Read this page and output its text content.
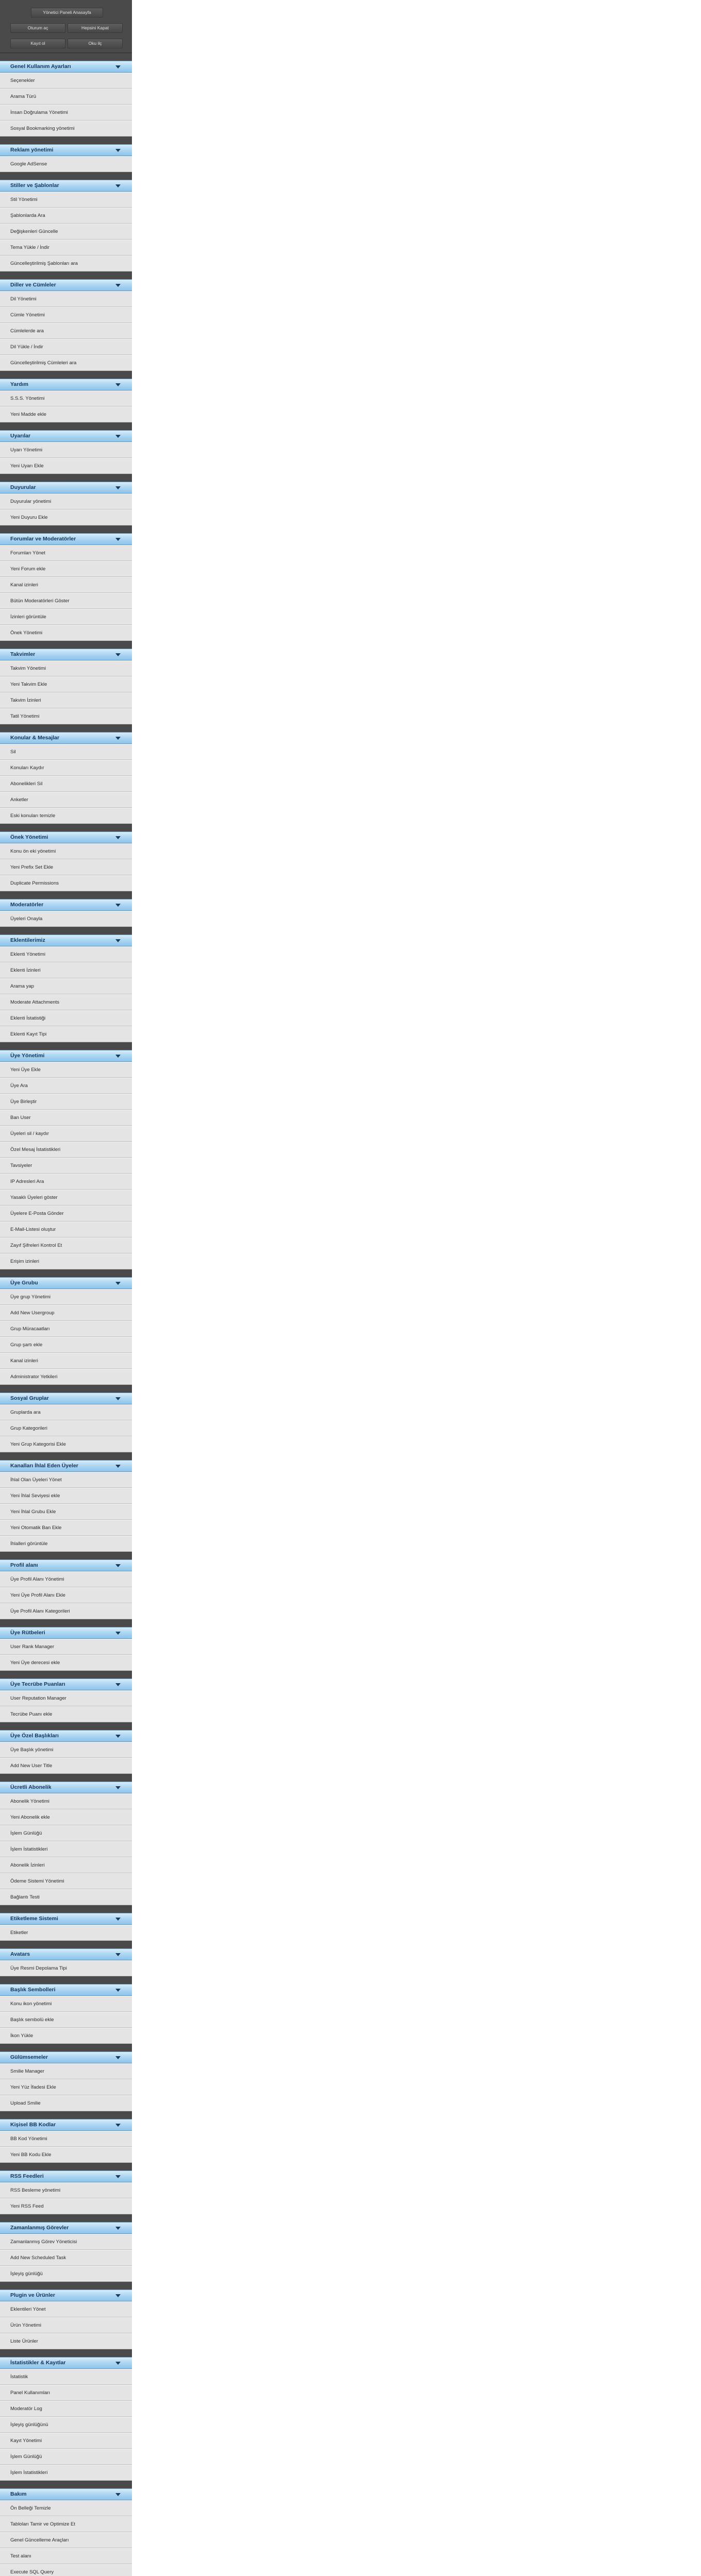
Yönetici Paneli Anasayfa
Oturum aç	Hepsini Kapat
Kayıt ol	Oku ilç
Genel Kullanım Ayarları
Seçenekler
Arama Türü
İnsan Doğrulama Yönetimi
Sosyal Bookmarking yönetimi
Reklam yönetimi
Google AdSense
Stiller ve Şablonlar
Stil Yönetimi
Şablonlarda Ara
Değişkenleri Güncelle
Tema Yükle / İndir
Güncelleştirilmiş Şablonları ara
Diller ve Cümleler
Dil Yönetimi
Cümle Yönetimi
Cümlelerde ara
Dil Yükle / İndir
Güncelleştirilmiş Cümleleri ara
Yardım
S.S.S. Yönetimi
Yeni Madde ekle
Uyarılar
Uyarı Yönetimi
Yeni Uyarı Ekle
Duyurular
Duyurular yönetimi
Yeni Duyuru Ekle
Forumlar ve Moderatörler
Forumları Yönet
Yeni Forum ekle
Kanal izinleri
Bütün Moderatörleri Göster
İzinleri görüntüle
Önek Yönetimi
Takvimler
Takvim Yönetimi
Yeni Takvim Ekle
Takvim İzinleri
Tatil Yönetimi
Konular & Mesajlar
Sil
Konuları Kaydır
Abonelikleri Sil
Anketler
Eski konuları temizle
Önek Yönetimi
Konu ön eki yönetimi
Yeni Prefix Set Ekle
Duplicate Permissions
Moderatörler
Üyeleri Onayla
Eklentilerimiz
Eklenti Yönetimi
Eklenti İzinleri
Arama yap
Moderate Attachments
Eklenti İstatistiği
Eklenti Kayıt Tipi
Üye Yönetimi
Yeni Üye Ekle
Üye Ara
Üye Birleştir
Ban User
Üyeleri sil / kaydır
Özel Mesaj İstatistikleri
Tavsiyeler
IP Adresleri Ara
Yasaklı Üyeleri göster
Üyelere E-Posta Gönder
E-Mail-Listesi oluştur
Zayıf Şifreleri Kontrol Et
Erişim izinleri
Üye Grubu
Üye grup Yönetimi
Add New Usergroup
Grup Müracaatları
Grup şartı ekle
Kanal izinleri
Administrator Yetkileri
Sosyal Gruplar
Gruplarda ara
Grup Kategorileri
Yeni Grup Kategorisi Ekle
Kanalları İhlal Eden Üyeler
İhlal Olan Üyeleri Yönet
Yeni İhlal Seviyesi ekle
Yeni İhlal Grubu Ekle
Yeni Otomatik Ban Ekle
İhlalleri görüntüle
Profil alanı
Üye Profil Alanı Yönetimi
Yeni Üye Profil Alanı Ekle
Üye Profil Alanı Kategorileri
Üye Rütbeleri
User Rank Manager
Yeni Üye derecesi ekle
Üye Tecrübe Puanları
User Reputation Manager
Tecrübe Puanı ekle
Üye Özel Başlıkları
Üye Başlık yönetimi
Add New User Title
Ücretli Abonelik
Abonelik Yönetimi
Yeni Abonelik ekle
İşlem Günlüğü
İşlem İstatistikleri
Abonelik İzinleri
Ödeme Sistemi Yönetimi
Bağlantı Testi
Etiketleme Sistemi
Etiketler
Avatars
Üye Resmi Depolama Tipi
Başlık Sembolleri
Konu ikon yönetimi
Başlık sembolü ekle
İkon Yükle
Gülümsemeler
Smilie Manager
Yeni Yüz İfadesi Ekle
Upload Smilie
Kişisel BB Kodlar
BB Kod Yönetimi
Yeni BB Kodu Ekle
RSS Feedleri
RSS Besleme yönetimi
Yeni RSS Feed
Zamanlanmış Görevler
Zamanlanmış Görev Yöneticisi
Add New Scheduled Task
İşleyiş günlüğü
Plugin ve Ürünler
Eklentileri Yönet
Ürün Yönetimi
Liste Ürünler
İstatistikler & Kayıtlar
İstatistik
Panel Kullanımları
Moderatör Log
İşleyiş günlüğünü
Kayıt Yönetimi
İşlem Günlüğü
İşlem İstatistikleri
Bakım
Ön Belleği Temizle
Tabloları Tamir ve Optimize Et
Genel Güncelleme Araçları
Test alanı
Execute SQL Query
